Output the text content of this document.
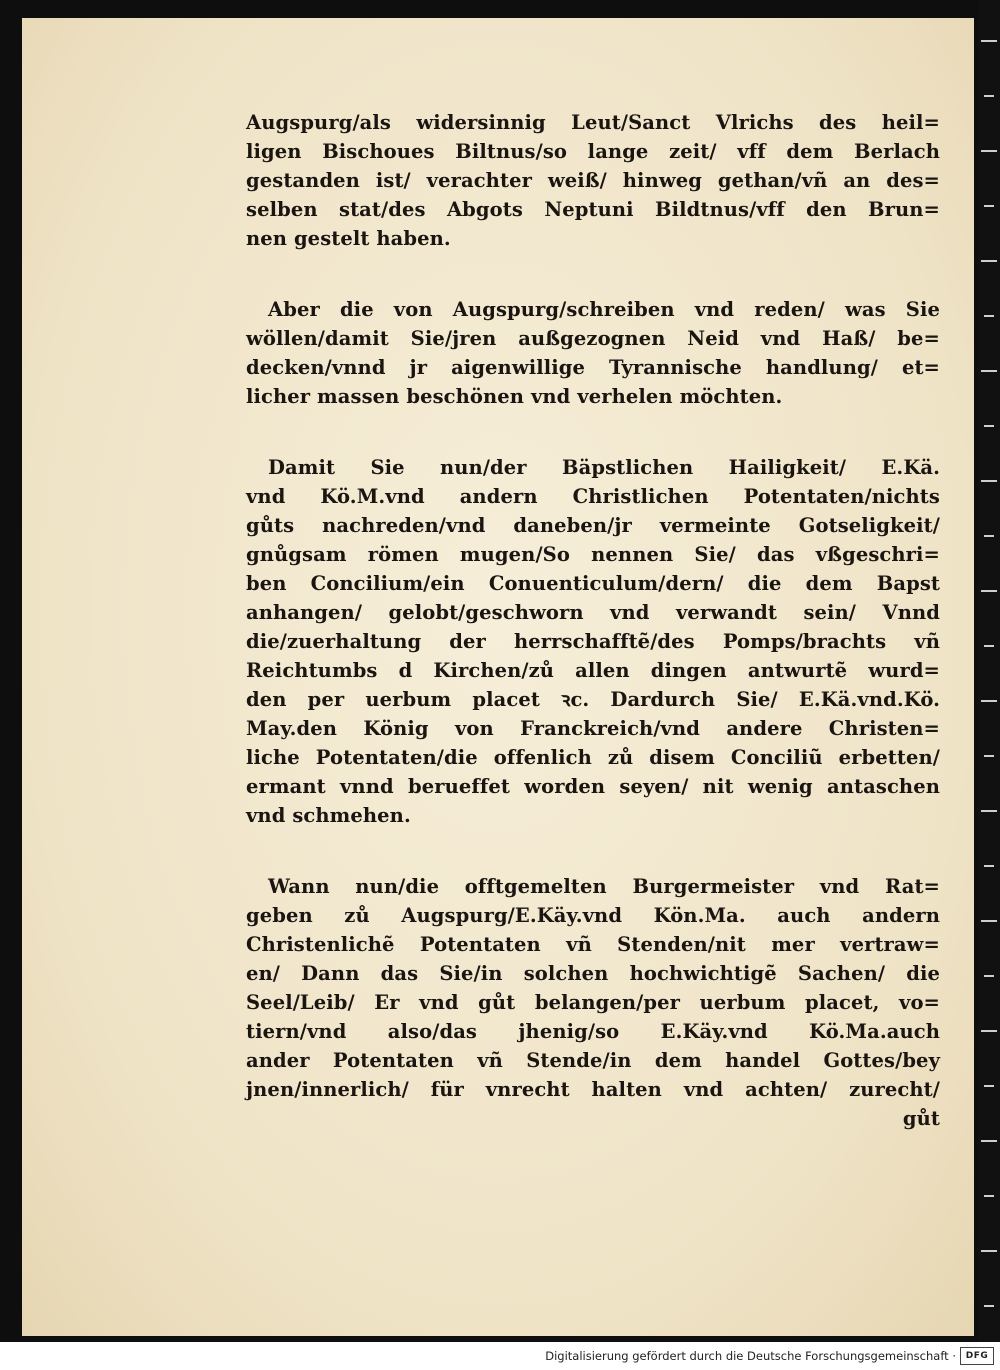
Augspurg/als widersinnig Leut/Sanct Vlrichs des heil=
ligen Bischoues Biltnus/so lange zeit/ vff dem Berlach
gestanden ist/ verachter weiß/ hinweg gethan/vñ an des=
selben stat/des Abgots Neptuni Bildtnus/vff den Brun=
nen gestelt haben.
Aber die von Augspurg/schreiben vnd reden/ was Sie
wöllen/damit Sie/jren außgezognen Neid vnd Haß/ be=
decken/vnnd jr aigenwillige Tyrannische handlung/ et=
licher massen beschönen vnd verhelen möchten.
Damit Sie nun/der Bäpstlichen Hailigkeit/ E.Kä.
vnd Kö.M.vnd andern Christlichen Potentaten/nichts
gůts nachreden/vnd daneben/jr vermeinte Gotseligkeit/
gnůgsam römen mugen/So nennen Sie/ das vßgeschri=
ben Concilium/ein Conuenticulum/dern/ die dem Bapst
anhangen/ gelobt/geschworn vnd verwandt sein/ Vnnd
die/zuerhaltung der herrschafftẽ/des Pomps/brachts vñ
Reichtumbs d Kirchen/zů allen dingen antwurtẽ wurd=
den per uerbum placet ꝛc. Dardurch Sie/ E.Kä.vnd.Kö.
May.den König von Franckreich/vnd andere Christen=
liche Potentaten/die offenlich zů disem Conciliũ erbetten/
ermant vnnd berueffet worden seyen/ nit wenig antaschen
vnd schmehen.
Wann nun/die offtgemelten Burgermeister vnd Rat=
geben zů Augspurg/E.Käy.vnd Kön.Ma. auch andern
Christenlichẽ Potentaten vñ Stenden/nit mer vertraw=
en/ Dann das Sie/in solchen hochwichtigẽ Sachen/ die
Seel/Leib/ Er vnd gůt belangen/per uerbum placet, vo=
tiern/vnd also/das jhenig/so E.Käy.vnd Kö.Ma.auch
ander Potentaten vñ Stende/in dem handel Gottes/bey
jnen/innerlich/ für vnrecht halten vnd achten/ zurecht/
gůt
Digitalisierung gefördert durch die Deutsche Forschungsgemeinschaft ·	DFG
